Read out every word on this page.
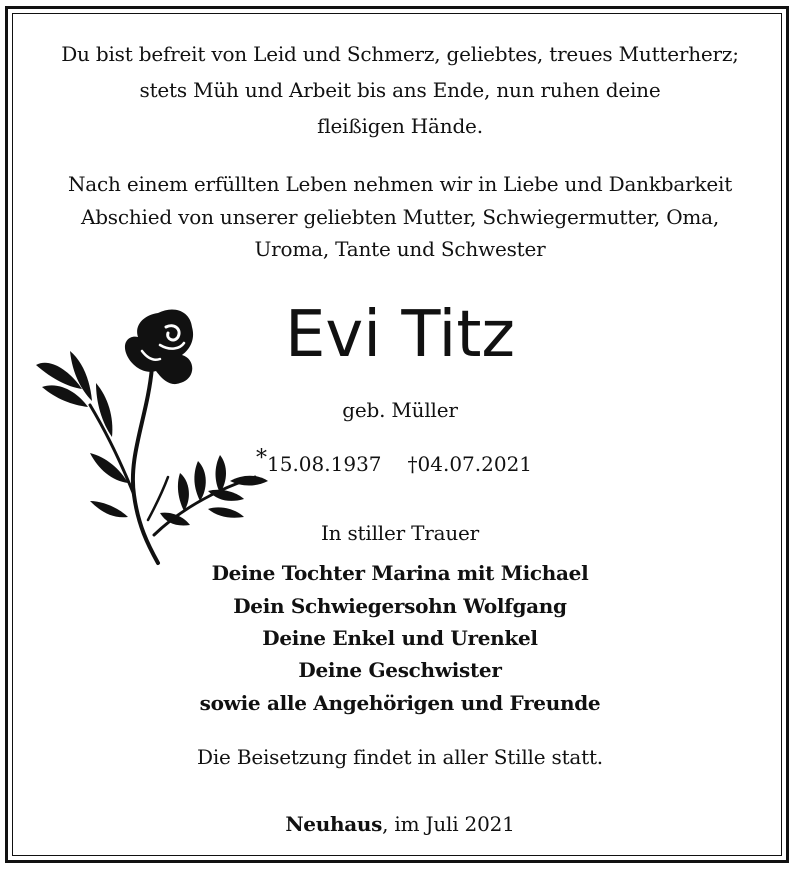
Du bist befreit von Leid und Schmerz, geliebtes, treues Mutterherz;
stets Müh und Arbeit bis ans Ende, nun ruhen deine
fleißigen Hände.
Nach einem erfüllten Leben nehmen wir in Liebe und Dankbarkeit
Abschied von unserer geliebten Mutter, Schwiegermutter, Oma,
Uroma, Tante und Schwester
Evi Titz
geb. Müller
*15.08.1937 †04.07.2021
In stiller Trauer
Deine Tochter Marina mit Michael
Dein Schwiegersohn Wolfgang
Deine Enkel und Urenkel
Deine Geschwister
sowie alle Angehörigen und Freunde
Die Beisetzung findet in aller Stille statt.
Neuhaus, im Juli 2021
